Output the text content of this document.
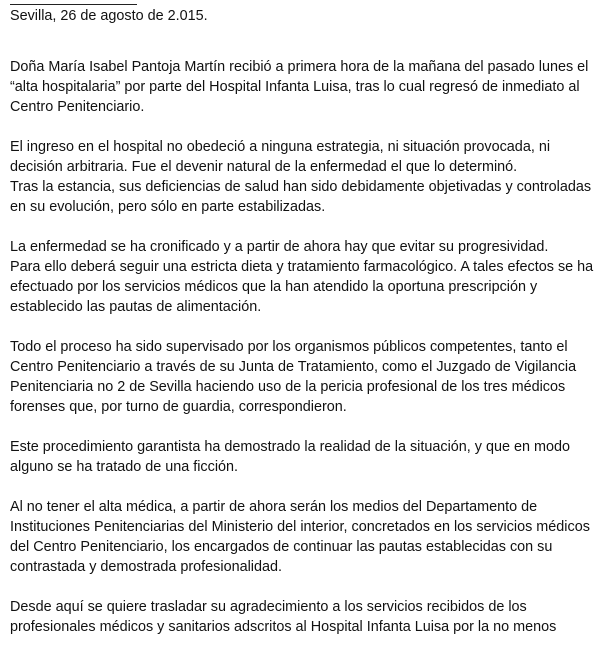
Sevilla, 26 de agosto de 2.015.
Doña María Isabel Pantoja Martín recibió a primera hora de la mañana del pasado lunes el
“alta hospitalaria” por parte del Hospital Infanta Luisa, tras lo cual regresó de inmediato al
Centro Penitenciario.
El ingreso en el hospital no obedeció a ninguna estrategia, ni situación provocada, ni
decisión arbitraria. Fue el devenir natural de la enfermedad el que lo determinó.
Tras la estancia, sus deficiencias de salud han sido debidamente objetivadas y controladas
en su evolución, pero sólo en parte estabilizadas.
La enfermedad se ha cronificado y a partir de ahora hay que evitar su progresividad.
Para ello deberá seguir una estricta dieta y tratamiento farmacológico. A tales efectos se ha
efectuado por los servicios médicos que la han atendido la oportuna prescripción y
establecido las pautas de alimentación.
Todo el proceso ha sido supervisado por los organismos públicos competentes, tanto el
Centro Penitenciario a través de su Junta de Tratamiento, como el Juzgado de Vigilancia
Penitenciaria no 2 de Sevilla haciendo uso de la pericia profesional de los tres médicos
forenses que, por turno de guardia, correspondieron.
Este procedimiento garantista ha demostrado la realidad de la situación, y que en modo
alguno se ha tratado de una ficción.
Al no tener el alta médica, a partir de ahora serán los medios del Departamento de
Instituciones Penitenciarias del Ministerio del interior, concretados en los servicios médicos
del Centro Penitenciario, los encargados de continuar las pautas establecidas con su
contrastada y demostrada profesionalidad.
Desde aquí se quiere trasladar su agradecimiento a los servicios recibidos de los
profesionales médicos y sanitarios adscritos al Hospital Infanta Luisa por la no menos
